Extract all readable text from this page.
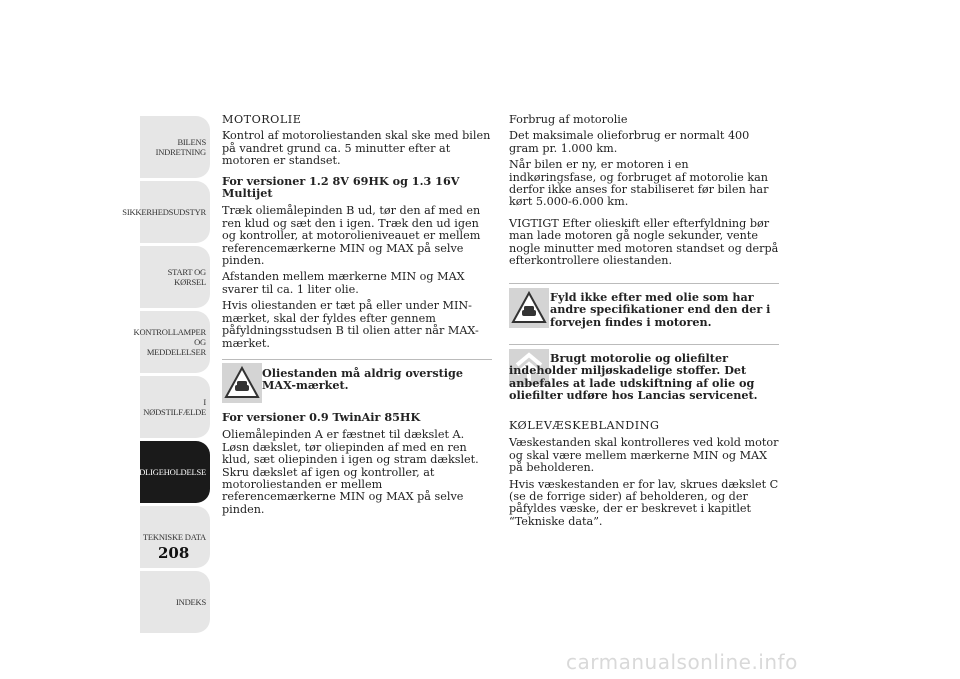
BILENS
INDRETNING
SIKKERHEDSUDSTYR
START OG KØRSEL
KONTROLLAMPER
OG MEDDELELSER
I NØDSTILFÆLDE
VEDLIGEHOLDELSE
TEKNISKE DATA
INDEKS
208

MOTOROLIE

Kontrol af motoroliestanden skal ske med bilen på vandret grund ca. 5 minutter efter at motoren er standset.

For versioner 1.2 8V 69HK og 1.3 16V Multijet

Træk oliemålepinden B ud, tør den af med en ren klud og sæt den i igen. Træk den ud igen og kontroller, at motorolieniveauet er mellem referencemærkerne MIN og MAX på selve pinden.

Afstanden mellem mærkerne MIN og MAX svarer til ca. 1 liter olie.

Hvis oliestanden er tæt på eller under MIN-mærket, skal der fyldes efter gennem påfyldningsstudsen B til olien atter når MAX-mærket.

Oliestanden må aldrig overstige MAX-mærket.

For versioner 0.9 TwinAir 85HK

Oliemålepinden A er fæstnet til dækslet A. Løsn dækslet, tør oliepinden af med en ren klud, sæt oliepinden i igen og stram dækslet. Skru dækslet af igen og kontroller, at motoroliestanden er mellem referencemærkerne MIN og MAX på selve pinden.

Forbrug af motorolie

Det maksimale olieforbrug er normalt 400 gram pr. 1.000 km.

Når bilen er ny, er motoren i en indkøringsfase, og forbruget af motorolie kan derfor ikke anses for stabiliseret før bilen har kørt 5.000-6.000 km.

VIGTIGT Efter olieskift eller efterfyldning bør man lade motoren gå nogle sekunder, vente nogle minutter med motoren standset og derpå efterkontrollere oliestanden.

Fyld ikke efter med olie som har andre specifikationer end den der i forvejen findes i motoren.
Brugt motorolie og oliefilter indeholder miljøskadelige stoffer. Det anbefales at lade udskiftning af olie og oliefilter udføre hos Lancias servicenet.

KØLEVÆSKEBLANDING

Væskestanden skal kontrolleres ved kold motor og skal være mellem mærkerne MIN og MAX på beholderen.

Hvis væskestanden er for lav, skrues dækslet C (se de forrige sider) af beholderen, og der påfyldes væske, der er beskrevet i kapitlet “Tekniske data”.

carmanualsonline.info
